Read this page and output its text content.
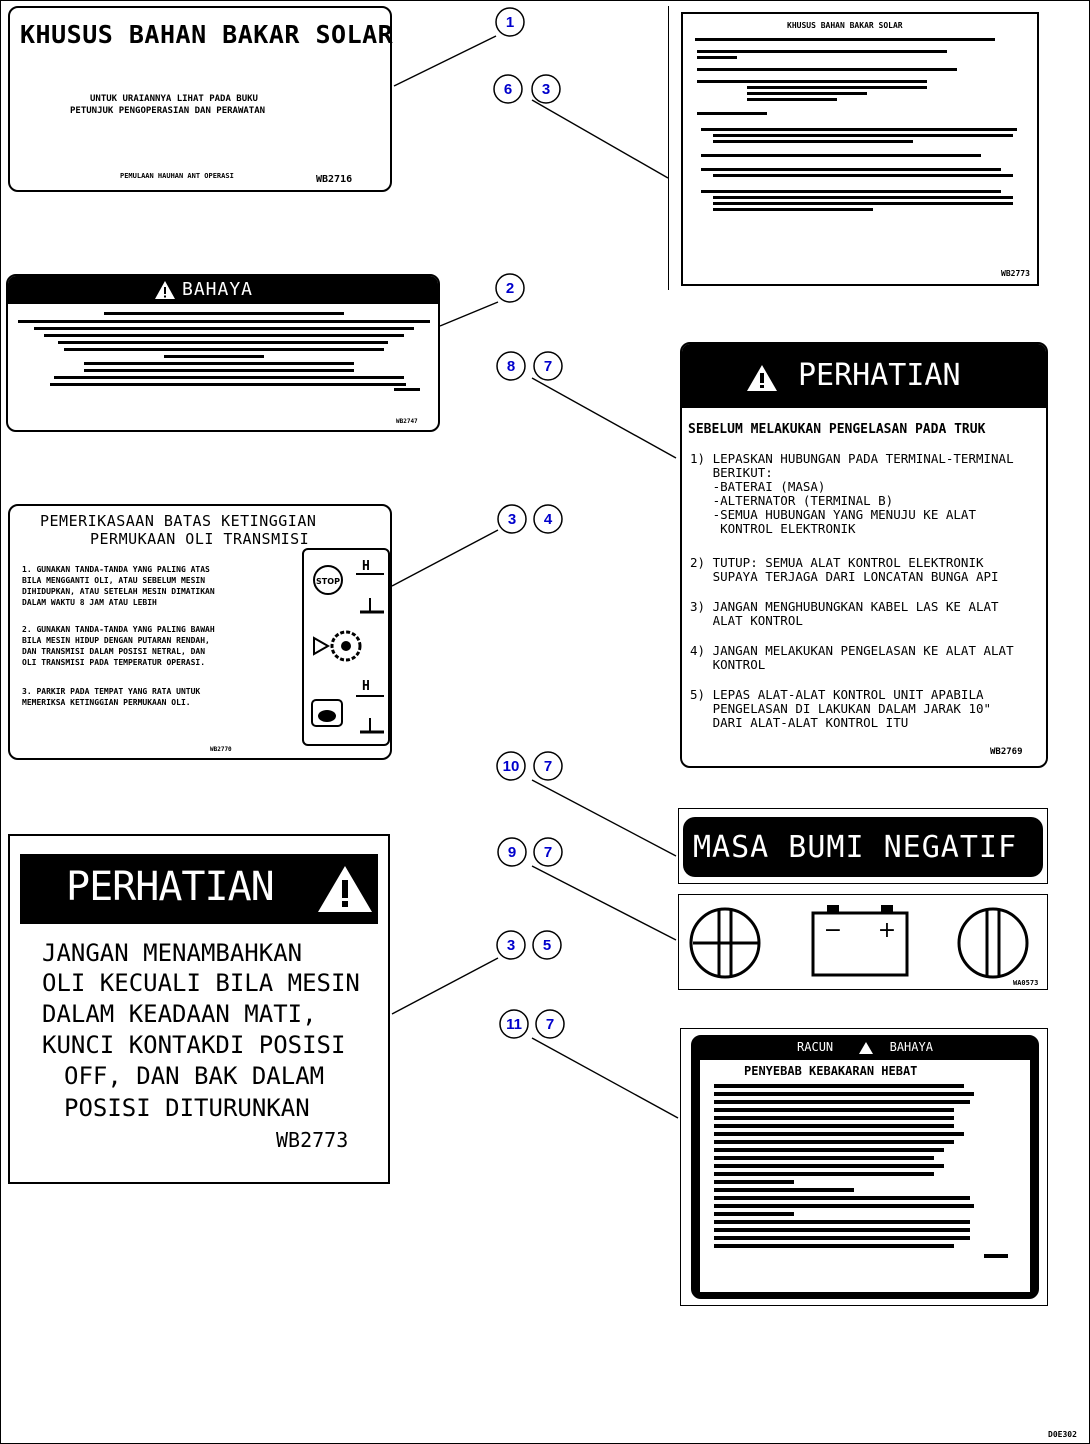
1
6 3
2
8 7
3 4
10 7
9 7
3 5
11 7
KHUSUS BAHAN BAKAR SOLAR
UNTUK URAIANNYA LIHAT PADA BUKU
PETUNJUK PENGOPERASIAN DAN PERAWATAN
PEMULAAN HAUHAN ANT OPERASI	WB2716
BAHAYA
WB2747
PEMERIKASAAN BATAS KETINGGIAN
PERMUKAAN OLI TRANSMISI
1. GUNAKAN TANDA-TANDA YANG PALING ATAS
BILA MENGGANTI OLI, ATAU SEBELUM MESIN
DIHIDUPKAN, ATAU SETELAH MESIN DIMATIKAN
DALAM WAKTU 8 JAM ATAU LEBIH
2. GUNAKAN TANDA-TANDA YANG PALING BAWAH
BILA MESIN HIDUP DENGAN PUTARAN RENDAH,
DAN TRANSMISI DALAM POSISI NETRAL, DAN
OLI TRANSMISI PADA TEMPERATUR OPERASI.
3. PARKIR PADA TEMPAT YANG RATA UNTUK
MEMERIKSA KETINGGIAN PERMUKAAN OLI.
WB2770
STOP
H
H
PERHATIAN
JANGAN MENAMBAHKAN
OLI KECUALI BILA MESIN
DALAM KEADAAN MATI,
KUNCI KONTAKDI POSISI
OFF, DAN BAK DALAM
POSISI DITURUNKAN
WB2773
KHUSUS BAHAN BAKAR SOLAR
WB2773
PERHATIAN
SEBELUM MELAKUKAN PENGELASAN PADA TRUK
1) LEPASKAN HUBUNGAN PADA TERMINAL-TERMINAL
BERIKUT:
-BATERAI (MASA)
-ALTERNATOR (TERMINAL B)
-SEMUA HUBUNGAN YANG MENUJU KE ALAT
KONTROL ELEKTRONIK
2) TUTUP: SEMUA ALAT KONTROL ELEKTRONIK
SUPAYA TERJAGA DARI LONCATAN BUNGA API
3) JANGAN MENGHUBUNGKAN KABEL LAS KE ALAT
ALAT KONTROL
4) JANGAN MELAKUKAN PENGELASAN KE ALAT ALAT
KONTROL
5) LEPAS ALAT-ALAT KONTROL UNIT APABILA
PENGELASAN DI LAKUKAN DALAM JARAK 10"
DARI ALAT-ALAT KONTROL ITU
WB2769
MASA BUMI NEGATIF
− +
WA0573
RACUN	BAHAYA
PENYEBAB KEBAKARAN HEBAT
D0E302
